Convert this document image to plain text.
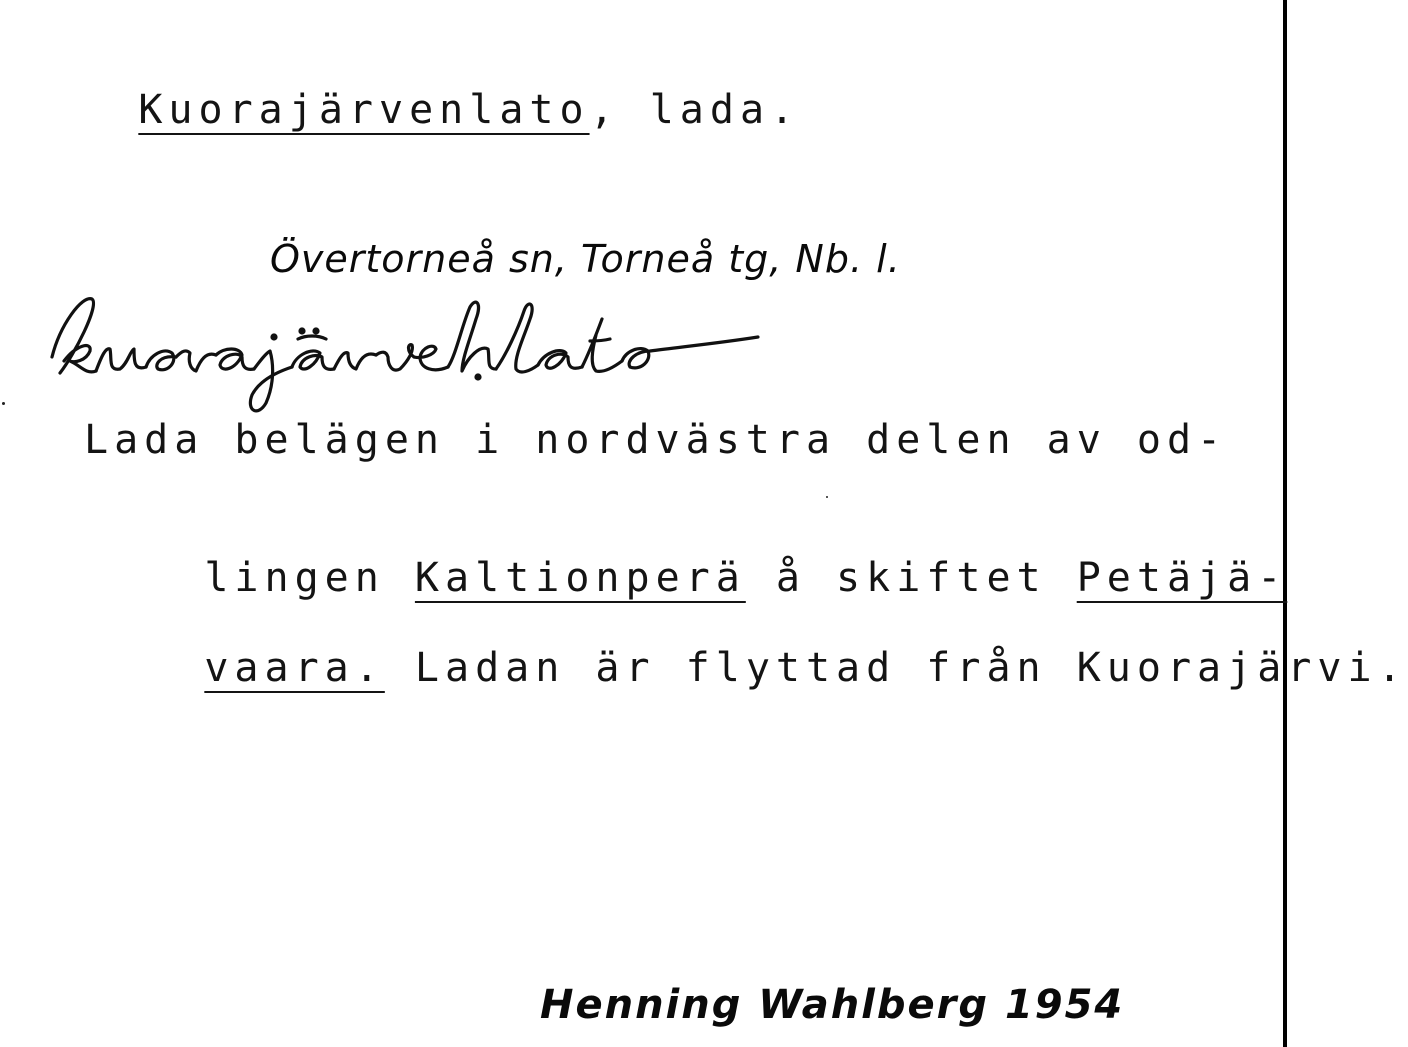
Kuorajärvenlato, lada.

Övertorneå sn, Torneå tg, Nb. l.
Lada belägen i nordvästra delen av od-

lingen Kaltionperä å skiftet Petäjä-

vaara. Ladan är flyttad från Kuorajärvi.

Henning Wahlberg 1954
